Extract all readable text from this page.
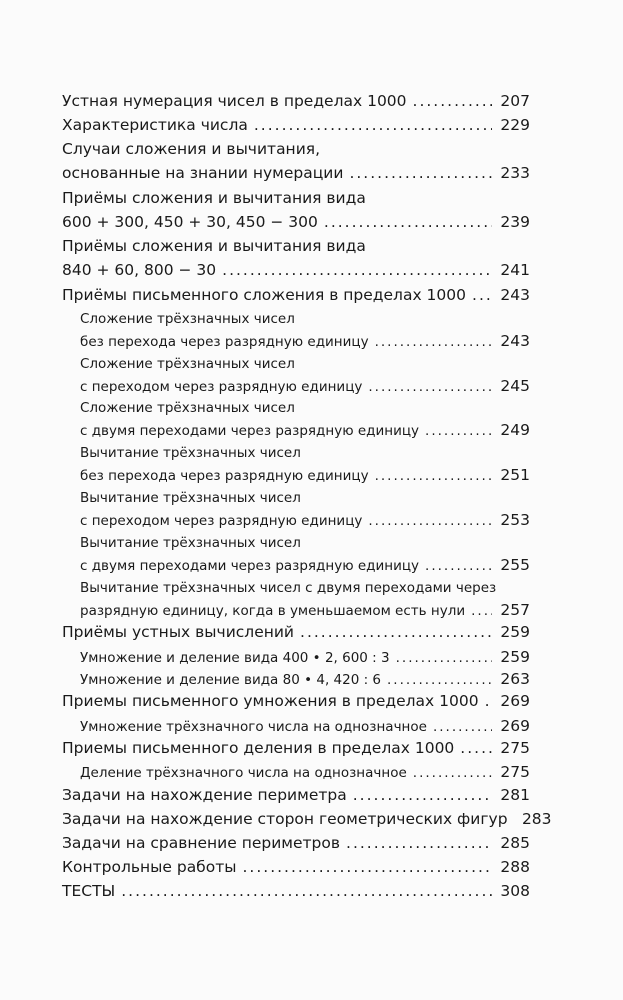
Устная нумерация чисел в пределах 1000 .....	207
Характеристика числа .....	229
Случаи сложения и вычитания,
основанные на знании нумерации .....	233
Приёмы сложения и вычитания вида
600 + 300, 450 + 30, 450 − 300 .....	239
Приёмы сложения и вычитания вида
840 + 60, 800 − 30 .....	241
Приёмы письменного сложения в пределах 1000 ..... 243
Сложение трёхзначных чисел
без перехода через разрядную единицу .....	243
Сложение трёхзначных чисел
с переходом через разрядную единицу .....	245
Сложение трёхзначных чисел
с двумя переходами через разрядную единицу .....	249
Вычитание трёхзначных чисел
без перехода через разрядную единицу .....	251
Вычитание трёхзначных чисел
с переходом через разрядную единицу .....	253
Вычитание трёхзначных чисел
с двумя переходами через разрядную единицу .....	255
Вычитание трёхзначных чисел с двумя переходами через
разрядную единицу, когда в уменьшаемом есть нули ..... 257
Приёмы устных вычислений .....	259
Умножение и деление вида 400 • 2, 600 : 3 .....	259
Умножение и деление вида 80 • 4, 420 : 6 .....	263
Приемы письменного умножения в пределах 1000 ..... 269
Умножение трёхзначного числа на однозначное .....	269
Приемы письменного деления в пределах 1000 .....	275
Деление трёхзначного числа на однозначное .....	275
Задачи на нахождение периметра .....	281
Задачи на нахождение сторон геометрических фигур 283
Задачи на сравнение периметров .....	285
Контрольные работы .....	288
ТЕСТЫ .....	308
